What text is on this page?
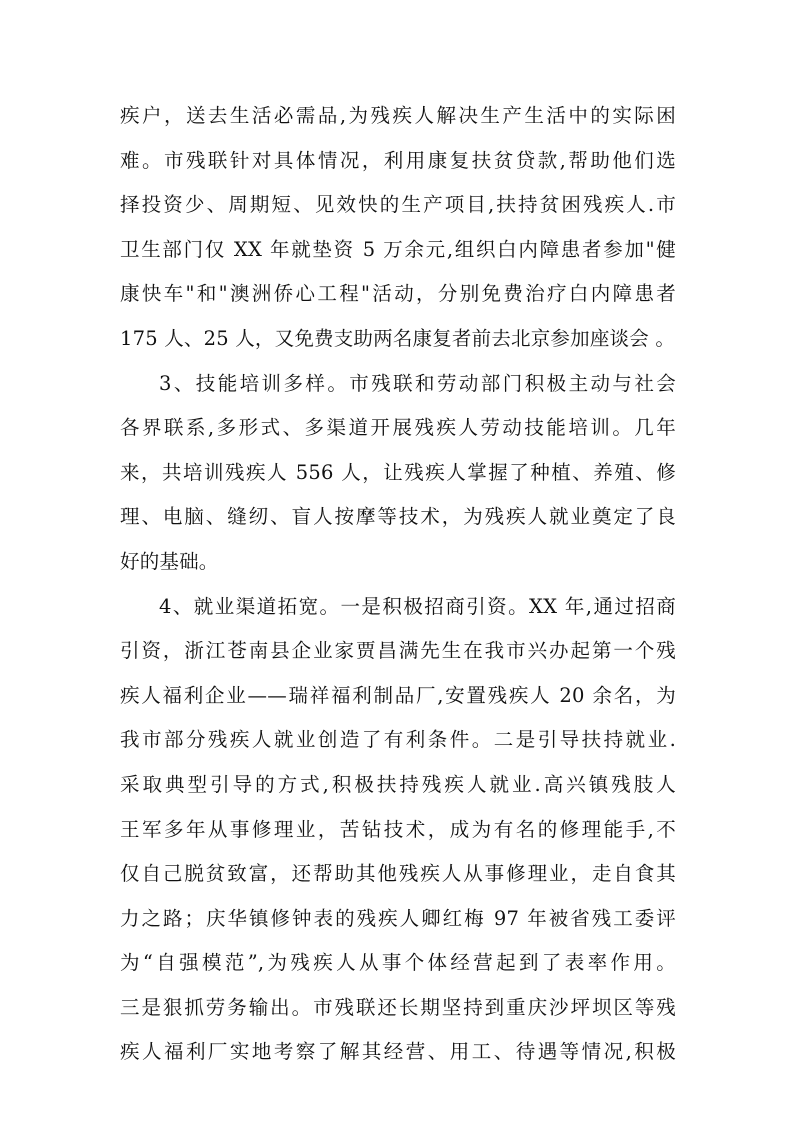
疾户，送去生活必需品,为残疾人解决生产生活中的实际困
难。市残联针对具体情况，利用康复扶贫贷款,帮助他们选
择投资少、周期短、见效快的生产项目,扶持贫困残疾人.市
卫生部门仅 XX 年就垫资 5 万余元,组织白内障患者参加"健
康快车"和"澳洲侨心工程"活动，分别免费治疗白内障患者
175 人、25 人，又免费支助两名康复者前去北京参加座谈会 。
3、技能培训多样。市残联和劳动部门积极主动与社会
各界联系,多形式、多渠道开展残疾人劳动技能培训。几年
来，共培训残疾人 556 人，让残疾人掌握了种植、养殖、修
理、电脑、缝纫、盲人按摩等技术，为残疾人就业奠定了良
好的基础。
4、就业渠道拓宽。一是积极招商引资。XX 年,通过招商
引资，浙江苍南县企业家贾昌满先生在我市兴办起第一个残
疾人福利企业——瑞祥福利制品厂,安置残疾人 20 余名，为
我市部分残疾人就业创造了有利条件。二是引导扶持就业.
采取典型引导的方式,积极扶持残疾人就业.高兴镇残肢人
王军多年从事修理业，苦钻技术，成为有名的修理能手,不
仅自己脱贫致富，还帮助其他残疾人从事修理业，走自食其
力之路；庆华镇修钟表的残疾人卿红梅 97 年被省残工委评
为“自强模范”,为残疾人从事个体经营起到了表率作用。
三是狠抓劳务输出。市残联还长期坚持到重庆沙坪坝区等残
疾人福利厂实地考察了解其经营、用工、待遇等情况,积极
